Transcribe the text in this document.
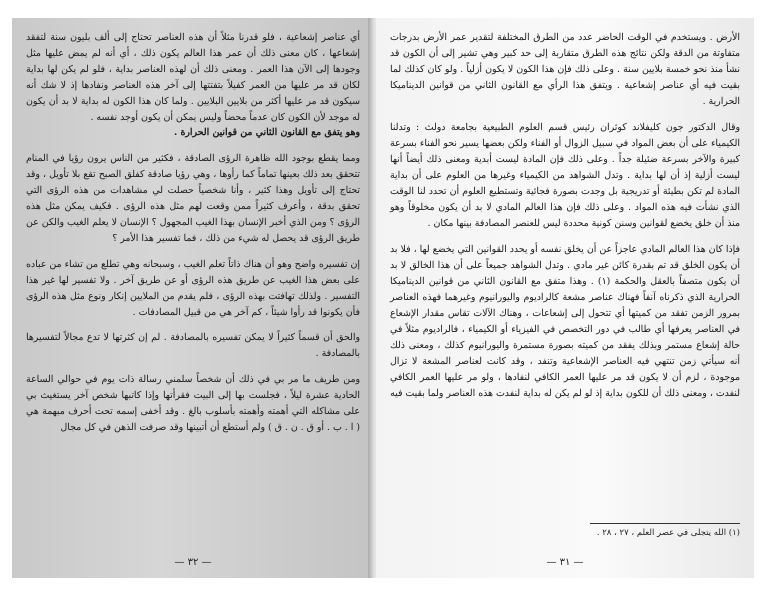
أي عناصر إشعاعية ، فلو قدرنا مثلاً أن هذه العناصر تحتاج إلى ألف بليون سنة لتفقد إشعاعها ، كان معنى ذلك أن عمر هذا العالم يكون ذلك ، أي أنه لم يمض عليها مثل وجودها إلى الآن هذا العمر . ومعنى ذلك أن لهذه العناصر بداية ، فلو لم يكن لها بداية لكان قد مر عليها من العمر كفيلاً بتفتتها إلى آخر هذه العناصر ونفادها إذ لا شك أنه سيكون قد مر عليها أكثر من بلايين البلايين . ولما كان هذا الكون له بداية لا بد أن يكون له موجد لأن الكون كان عدماً محضاً وليس يمكن أن يكون أوجد نفسه .

وهو يتفق مع القانون الثاني من قوانين الحرارة .

ومما يقطع بوجود الله ظاهرة الرؤى الصادقة ، فكثير من الناس يرون رؤيا في المنام تتحقق بعد ذلك بعينها تماماً كما رأوها ، وهي رؤيا صادقة كفلق الصبح تقع بلا تأويل ، وقد تحتاج إلى تأويل وهذا كثير ، وأنا شخصياً حصلت لي مشاهدات من هذه الرؤى التي تحقق بدقة ، وأعرف كثيراً ممن وقعت لهم مثل هذه الرؤى . فكيف يمكن مثل هذه الرؤى ؟ ومن الذي أخبر الإنسان بهذا الغيب المجهول ؟ الإنسان لا يعلم الغيب والكن عن طريق الرؤى قد يحصل له شيء من ذلك ، فما تفسير هذا الأمر ؟

إن تفسيره واضح وهو أن هناك ذاتاً تعلم الغيب ، وسبحانه وهي تطلع من تشاء من عباده على بعض هذا الغيب عن طريق هذه الرؤى أو عن طريق آخر . ولا تفسير لها غير هذا التفسير . ولذلك تهافتت بهذه الرؤى ، فلم يقدم من الملايين إنكار ونوع مثل هذه الرؤى فأن يكونوا قد رأوا شيئاً ، كم آخر هي من قبيل المصادفات .

والحق أن قسماً كثيراً لا يمكن تفسيره بالمصادفة . لم إن كثرتها لا تدع مجالاً لتفسيرها بالمصادفة .

ومن طريف ما مر بي في ذلك أن شخصاً سلمني رسالة ذات يوم في حوالي الساعة الحادية عشرة ليلاً ، فجلست بها إلى البيت فقرأتها وإذا كاتبها شخص آخر يستغيث بي على مشاكله التي أهمته وأهمته بأسلوب بالغ . وقد أخفى إسمه تحت أحرف مبهمة هي ( ا . ب . أو ق . ن . ق ) ولم أستطع أن أتبينها وقد صرفت الذهن في كل مجال

— ٣٢ —

الأرض . ويستخدم في الوقت الحاضر عدد من الطرق المختلفة لتقدير عمر الأرض بدرجات متفاوتة من الدقة ولكن نتائج هذه الطرق متقاربة إلى حد كبير وهي تشير إلى أن الكون قد نشأ منذ نحو خمسة بلايين سنة . وعلى ذلك فإن هذا الكون لا يكون أزلياً . ولو كان كذلك لما بقيت فيه أي عناصر إشعاعية . ويتفق هذا الرأي مع القانون الثاني من قوانين الديناميكا الحرارية .

وقال الدكتور جون كليفلاند كوثران رئيس قسم العلوم الطبيعية بجامعة دولث : وتدلنا الكيمياء على أن بعض المواد في سبيل الزوال أو الفناء ولكن بعضها يسير نحو الفناء بسرعة كبيرة والآخر بسرعة ضئيلة جداً . وعلى ذلك فإن المادة ليست أبدية ومعنى ذلك أيضاً أنها ليست أزلية إذ أن لها بداية . وتدل الشواهد من الكيمياء وغيرها من العلوم على أن بداية المادة لم تكن بطيئة أو تدريجية بل وجدت بصورة فجائية وتستطيع العلوم أن تحدد لنا الوقت الذي نشأت فيه هذه المواد . وعلى ذلك فإن هذا العالم المادي لا بد أن يكون مخلوقاً وهو منذ أن خلق يخضع لقوانين وسنن كونية محددة ليس للعنصر المصادفة بينها مكان .

فإذا كان هذا العالم المادي عاجزاً عن أن يخلق نفسه أو يحدد القوانين التي يخضع لها ، فلا بد أن يكون الخلق قد تم بقدرة كائن غير مادي . وتدل الشواهد جميعاً على أن هذا الخالق لا بد أن يكون متصفاً بالعقل والحكمة (١) . وهذا متفق مع القانون الثاني من قوانين الديناميكا الحرارية الذي ذكرناه آنفاً فهناك عناصر مشعة كالراديوم واليورانيوم وغيرهما فهذه العناصر بمرور الزمن تفقد من كميتها أي تتحول إلى إشعاعات ، وهناك الآلات تقاس مقدار الإشعاع في العناصر يعرفها أي طالب في دور التخصص في الفيزياء أو الكيمياء ، فالراديوم مثلاً في حالة إشعاع مستمر وبذلك يفقد من كميته بصورة مستمرة واليورانيوم كذلك ، ومعنى ذلك أنه سيأتي زمن تنتهي فيه العناصر الإشعاعية وتنفد ، وقد كانت لعناصر المشعة لا تزال موجودة ، لزم أن لا يكون قد مر عليها العمر الكافي لنفادها ، ولو مر عليها العمر الكافي لنفدت ، ومعنى ذلك أن للكون بداية إذ لو لم يكن له بداية لنفدت هذه العناصر ولما بقيت فيه

(١) الله يتجلى في عصر العلم ، ٢٧ ، ٢٨ .
— ٣١ —
